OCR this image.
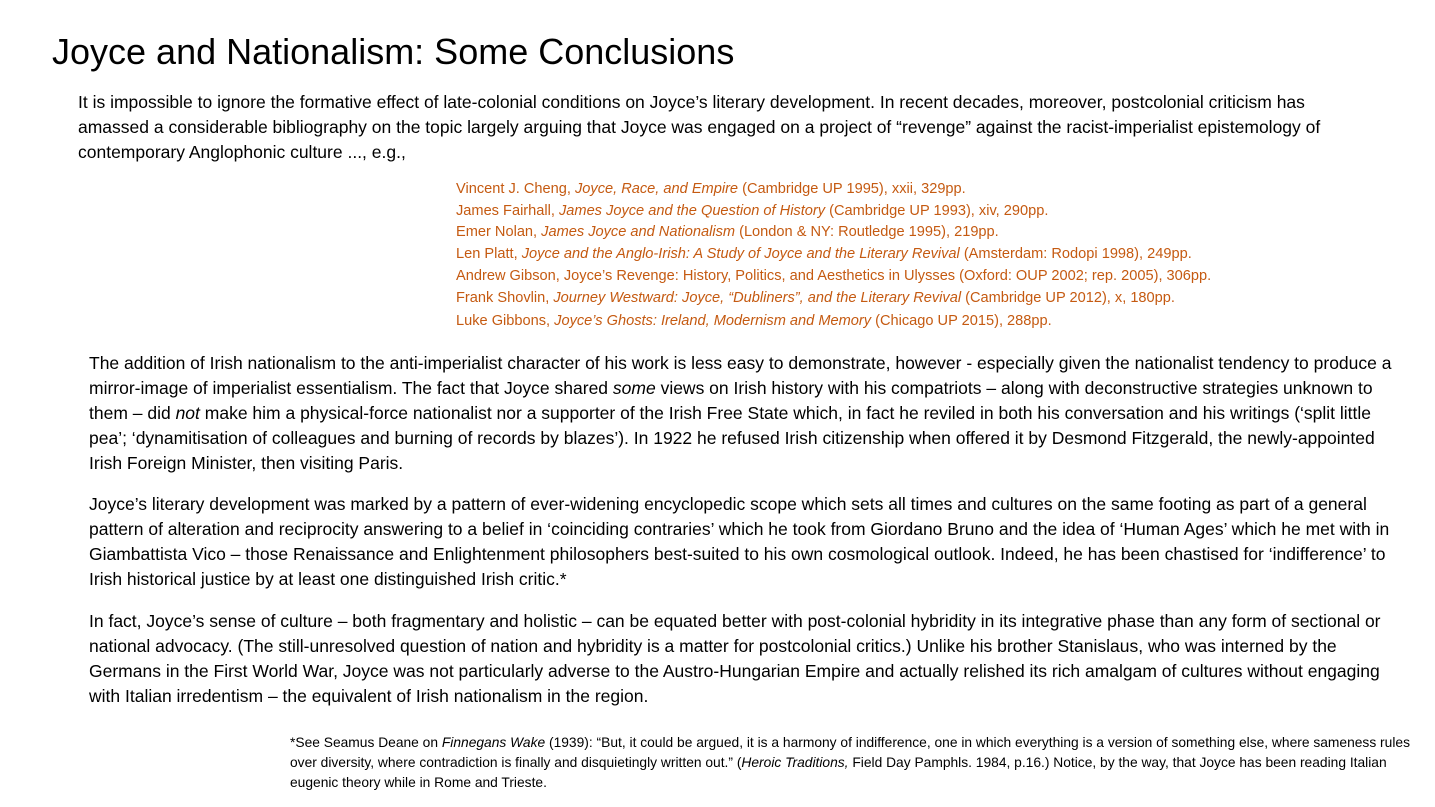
Joyce and Nationalism: Some Conclusions
It is impossible to ignore the formative effect of late-colonial conditions on Joyce’s literary development. In recent decades, moreover, postcolonial criticism has amassed a considerable bibliography on the topic largely arguing that Joyce was engaged on a project of “revenge” against the racist-imperialist epistemology of contemporary Anglophonic culture ..., e.g.,
Vincent J. Cheng, Joyce, Race, and Empire (Cambridge UP 1995), xxii, 329pp.
James Fairhall, James Joyce and the Question of History (Cambridge UP 1993), xiv, 290pp.
Emer Nolan, James Joyce and Nationalism (London & NY: Routledge 1995), 219pp.
Len Platt, Joyce and the Anglo-Irish: A Study of Joyce and the Literary Revival (Amsterdam: Rodopi 1998), 249pp.
Andrew Gibson, Joyce’s Revenge: History, Politics, and Aesthetics in Ulysses (Oxford: OUP 2002; rep. 2005), 306pp.
Frank Shovlin, Journey Westward: Joyce, “Dubliners”, and the Literary Revival (Cambridge UP 2012), x, 180pp.
Luke Gibbons, Joyce’s Ghosts: Ireland, Modernism and Memory (Chicago UP 2015), 288pp.
The addition of Irish nationalism to the anti-imperialist character of his work is less easy to demonstrate, however - especially given the nationalist tendency to produce a mirror-image of imperialist essentialism. The fact that Joyce shared some views on Irish history with his compatriots – along with deconstructive strategies unknown to them – did not make him a physical-force nationalist nor a supporter of the Irish Free State which, in fact he reviled in both his conversation and his writings (‘split little pea’; ‘dynamitisation of colleagues and burning of records by blazes’). In 1922 he refused Irish citizenship when offered it by Desmond Fitzgerald, the newly-appointed Irish Foreign Minister, then visiting Paris.
Joyce’s literary development was marked by a pattern of ever-widening encyclopedic scope which sets all times and cultures on the same footing as part of a general pattern of alteration and reciprocity answering to a belief in ‘coinciding contraries’ which he took from Giordano Bruno and the idea of ‘Human Ages’ which he met with in Giambattista Vico – those Renaissance and Enlightenment philosophers best-suited to his own cosmological outlook. Indeed, he has been chastised for ‘indifference’ to Irish historical justice by at least one distinguished Irish critic.*
In fact, Joyce’s sense of culture – both fragmentary and holistic – can be equated better with post-colonial hybridity in its integrative phase than any form of sectional or national advocacy. (The still-unresolved question of nation and hybridity is a matter for postcolonial critics.) Unlike his brother Stanislaus, who was interned by the Germans in the First World War, Joyce was not particularly adverse to the Austro-Hungarian Empire and actually relished its rich amalgam of cultures without engaging with Italian irredentism – the equivalent of Irish nationalism in the region.
*See Seamus Deane on Finnegans Wake (1939): “But, it could be argued, it is a harmony of indifference, one in which everything is a version of something else, where sameness rules over diversity, where contradiction is finally and disquietingly written out.” (Heroic Traditions, Field Day Pamphls. 1984, p.16.) Notice, by the way, that Joyce has been reading Italian eugenic theory while in Rome and Trieste.
